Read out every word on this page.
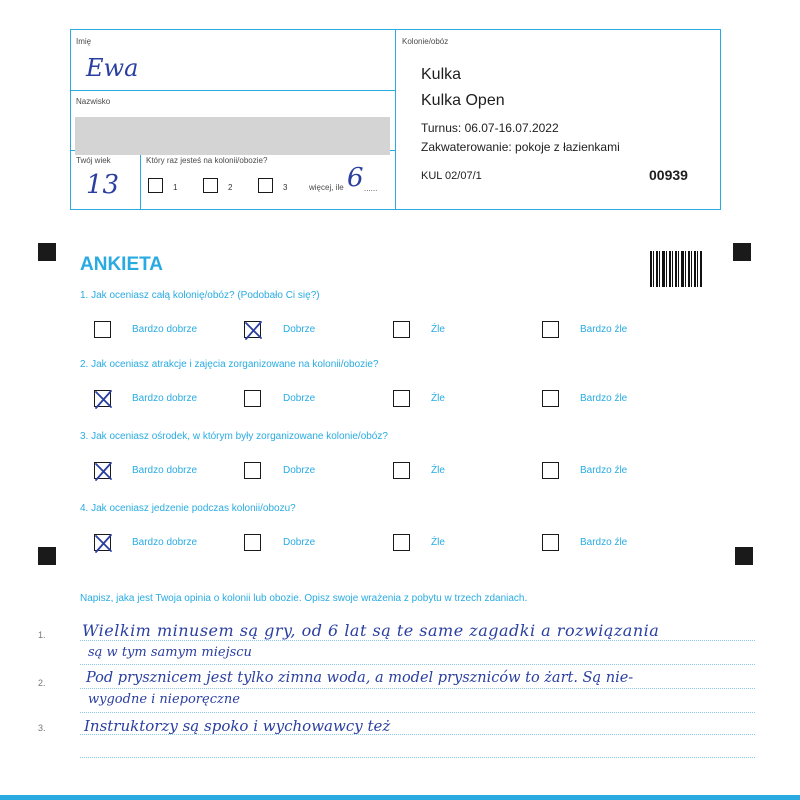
Imię
Ewa
Nazwisko
Twój wiek
13
Który raz jesteś na kolonii/obozie?
1	2	3	więcej, ile 6 ......
Kolonie/obóz
Kulka
Kulka Open
Turnus: 06.07-16.07.2022
Zakwaterowanie: pokoje z łazienkami
KUL 02/07/1	00939
ANKIETA
1. Jak oceniasz całą kolonię/obóz? (Podobało Ci się?)
Bardzo dobrze	Dobrze	Źle	Bardzo źle
2. Jak oceniasz atrakcje i zajęcia zorganizowane na kolonii/obozie?
Bardzo dobrze	Dobrze	Źle	Bardzo źle
3. Jak oceniasz ośrodek, w którym były zorganizowane kolonie/obóz?
Bardzo dobrze	Dobrze	Źle	Bardzo źle
4. Jak oceniasz jedzenie podczas kolonii/obozu?
Bardzo dobrze	Dobrze	Źle	Bardzo źle
Napisz, jaka jest Twoja opinia o kolonii lub obozie. Opisz swoje wrażenia z pobytu w trzech zdaniach.
1.
2.
3.
Wielkim minusem są gry, od 6 lat są te same zagadki a rozwiązania
są w tym samym miejscu
Pod prysznicem jest tylko zimna woda, a model pryszniców to żart. Są nie-
wygodne i nieporęczne
Instruktorzy są spoko i wychowawcy też
